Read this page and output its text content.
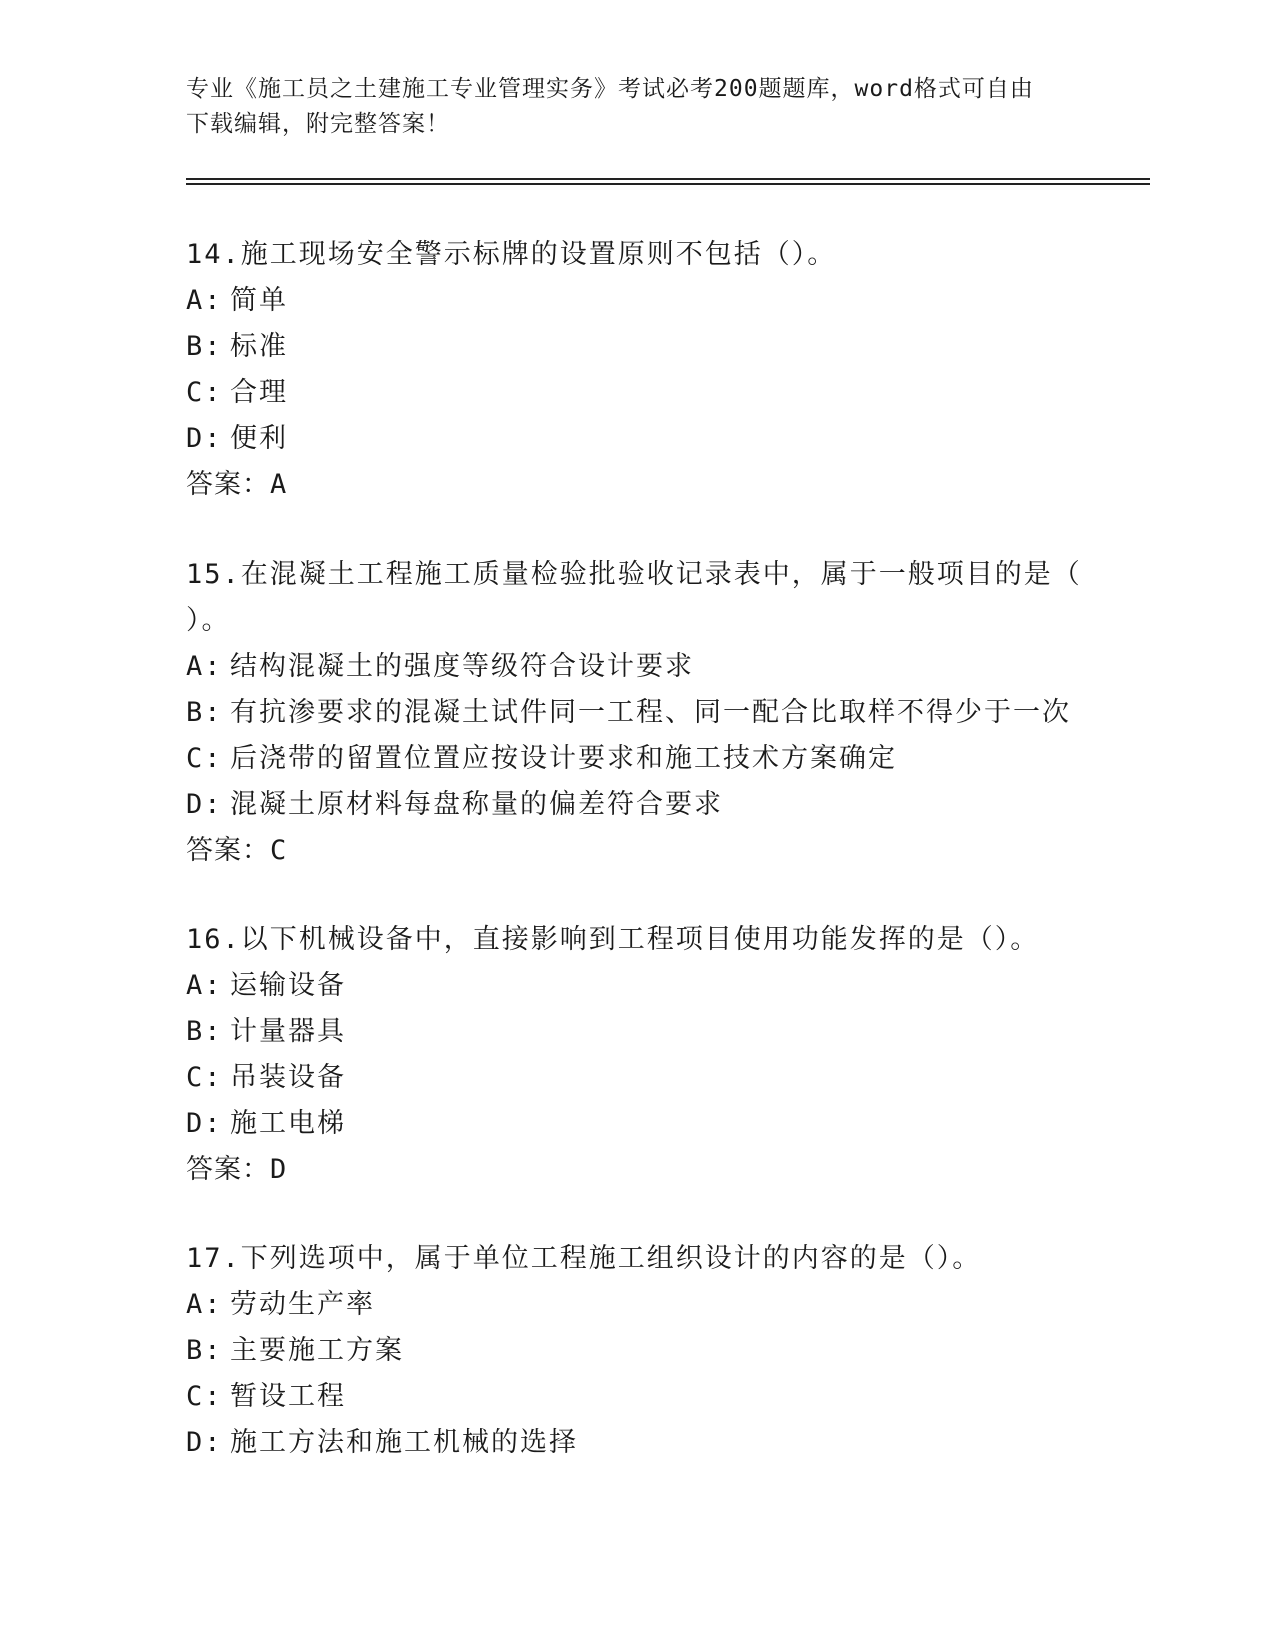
专业《施工员之土建施工专业管理实务》考试必考200题题库，word格式可自由
下载编辑，附完整答案！

14.施工现场安全警示标牌的设置原则不包括（）。

A: 简单

B: 标准

C: 合理

D: 便利

答案：A

15.在混凝土工程施工质量检验批验收记录表中，属于一般项目的是（

）。

A: 结构混凝土的强度等级符合设计要求

B: 有抗渗要求的混凝土试件同一工程、同一配合比取样不得少于一次

C: 后浇带的留置位置应按设计要求和施工技术方案确定

D: 混凝土原材料每盘称量的偏差符合要求

答案：C

16.以下机械设备中，直接影响到工程项目使用功能发挥的是（）。

A: 运输设备

B: 计量器具

C: 吊装设备

D: 施工电梯

答案：D

17.下列选项中，属于单位工程施工组织设计的内容的是（）。

A: 劳动生产率

B: 主要施工方案

C: 暂设工程

D: 施工方法和施工机械的选择
